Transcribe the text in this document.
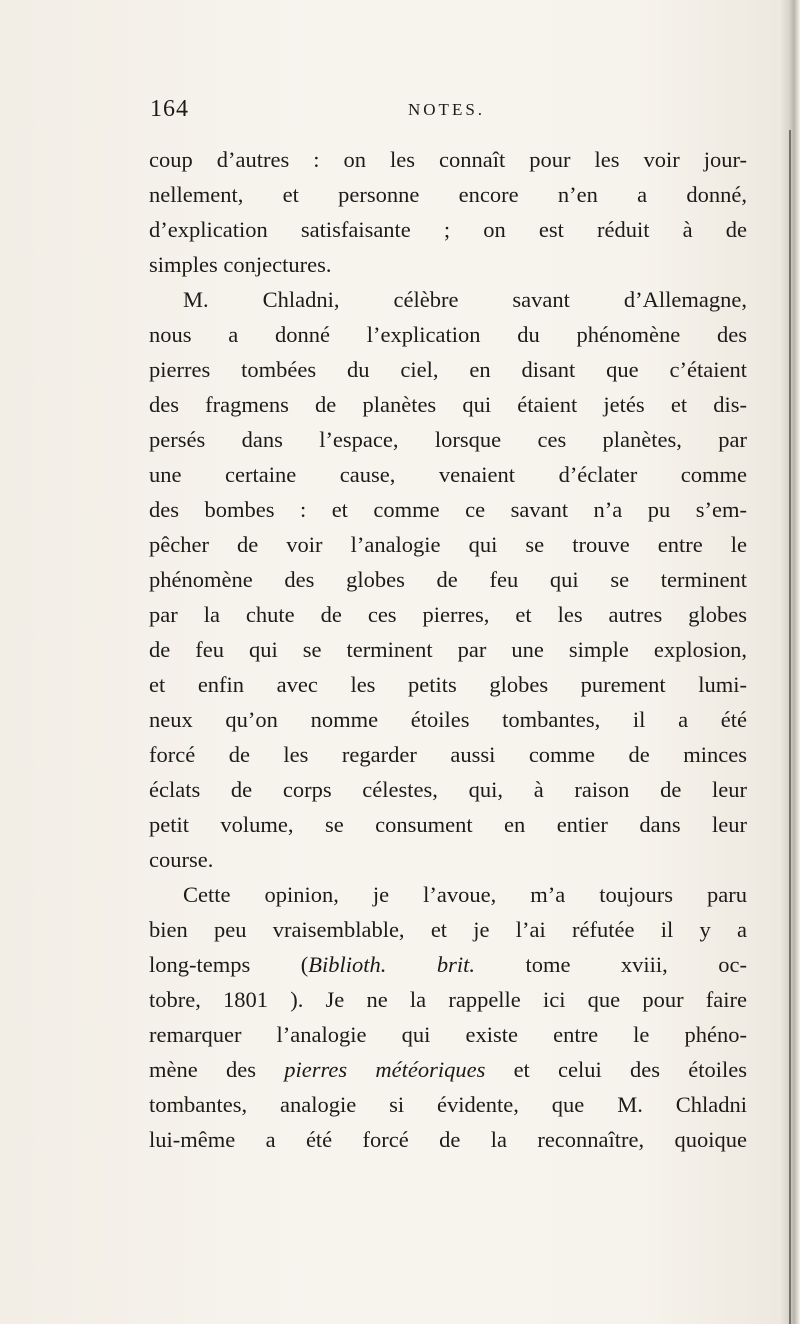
164	NOTES.
coup d’autres : on les connaît pour les voir jour-
nellement, et personne encore n’en a donné,
d’explication satisfaisante ; on est réduit à de
simples conjectures.
M. Chladni, célèbre savant d’Allemagne,
nous a donné l’explication du phénomène des
pierres tombées du ciel, en disant que c’étaient
des fragmens de planètes qui étaient jetés et dis-
persés dans l’espace, lorsque ces planètes, par
une certaine cause, venaient d’éclater comme
des bombes : et comme ce savant n’a pu s’em-
pêcher de voir l’analogie qui se trouve entre le
phénomène des globes de feu qui se terminent
par la chute de ces pierres, et les autres globes
de feu qui se terminent par une simple explosion,
et enfin avec les petits globes purement lumi-
neux qu’on nomme étoiles tombantes, il a été
forcé de les regarder aussi comme de minces
éclats de corps célestes, qui, à raison de leur
petit volume, se consument en entier dans leur
course.
Cette opinion, je l’avoue, m’a toujours paru
bien peu vraisemblable, et je l’ai réfutée il y a
long-temps (Biblioth. brit. tome xviii, oc-
tobre, 1801 ). Je ne la rappelle ici que pour faire
remarquer l’analogie qui existe entre le phéno-
mène des pierres météoriques et celui des étoiles
tombantes, analogie si évidente, que M. Chladni
lui-même a été forcé de la reconnaître, quoique
